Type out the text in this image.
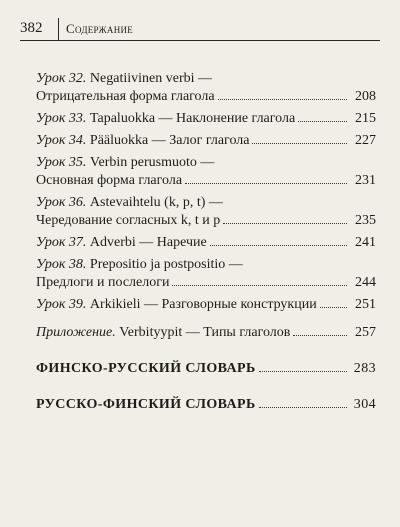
382 Содержание
Урок 32.
Negatiivinen verbi —
Отрицательная форма глагола	208
Урок 33.
Tapaluokka — Наклонение глагола	215
Урок 34.
Pääluokka — Залог глагола	227
Урок 35.
Verbin perusmuoto —
Основная форма глагола	231
Урок 36.
Astevaihtelu (k, p, t) —
Чередование согласных k, t и p	235
Урок 37.
Adverbi — Наречие	241
Урок 38.
Prepositio ja postpositio —
Предлоги и послелоги	244
Урок 39.
Arkikieli — Разговорные конструкции	251
Приложение.
Verbityypit — Типы глаголов	257
ФИНСКО-РУССКИЙ СЛОВАРЬ	283
РУССКО-ФИНСКИЙ СЛОВАРЬ	304
